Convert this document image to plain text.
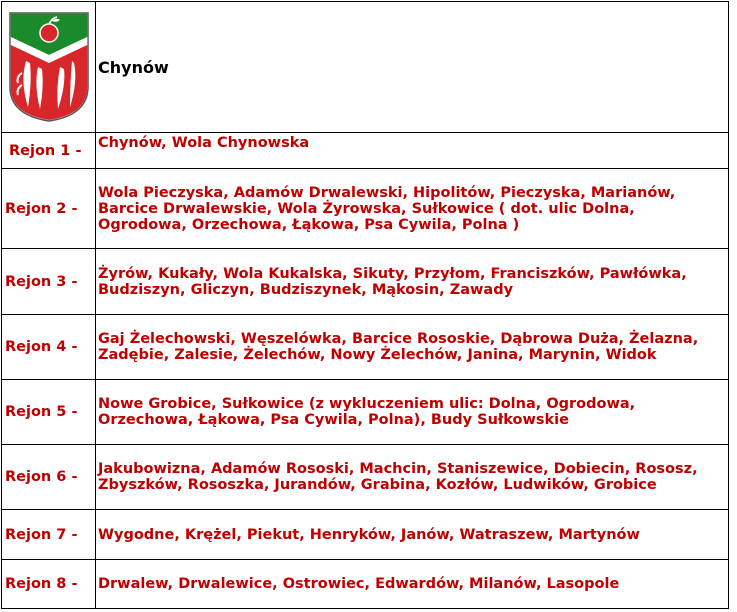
	Chynów
Rejon 1 -	Chynów, Wola Chynowska
Rejon 2 -	Wola Pieczyska, Adamów Drwalewski, Hipolitów, Pieczyska, Marianów, Barcice Drwalewskie, Wola Żyrowska, Sułkowice ( dot. ulic Dolna, Ogrodowa, Orzechowa, Łąkowa, Psa Cywila, Polna )
Rejon 3 -	Żyrów, Kukały, Wola Kukalska, Sikuty, Przyłom, Franciszków, Pawłówka, Budziszyn, Gliczyn, Budziszynek, Mąkosin, Zawady
Rejon 4 -	Gaj Żelechowski, Węszelówka, Barcice Rososkie, Dąbrowa Duża, Żelazna, Zadębie, Zalesie, Żelechów, Nowy Żelechów, Janina, Marynin, Widok
Rejon 5 -	Nowe Grobice, Sułkowice (z wykluczeniem ulic: Dolna, Ogrodowa, Orzechowa, Łąkowa, Psa Cywila, Polna), Budy Sułkowskie
Rejon 6 -	Jakubowizna, Adamów Rososki, Machcin, Staniszewice, Dobiecin, Rososz, Zbyszków, Rososzka, Jurandów, Grabina, Kozłów, Ludwików, Grobice
Rejon 7 -	Wygodne, Krężel, Piekut, Henryków, Janów, Watraszew, Martynów
Rejon 8 -	Drwalew, Drwalewice, Ostrowiec, Edwardów, Milanów, Lasopole
